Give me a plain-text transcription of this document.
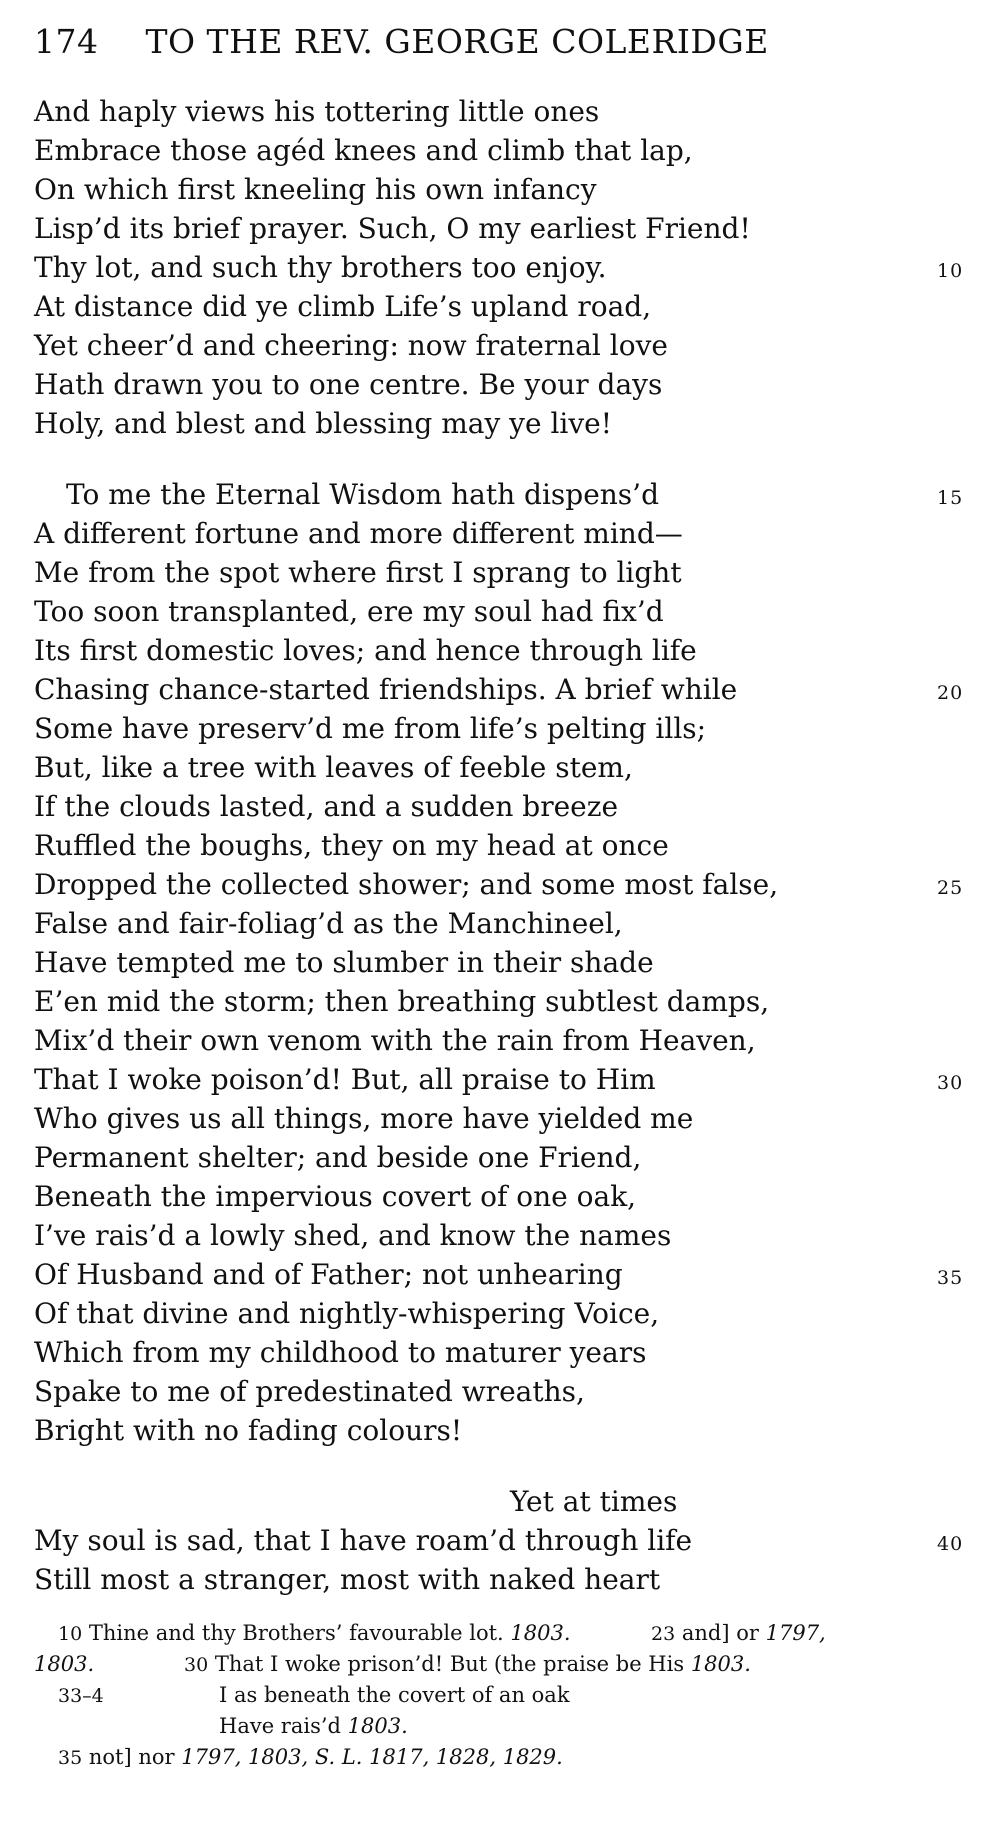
174 TO THE REV. GEORGE COLERIDGE
And haply views his tottering little ones
Embrace those agéd knees and climb that lap,
On which first kneeling his own infancy
Lisp’d its brief prayer. Such, O my earliest Friend!
Thy lot, and such thy brothers too enjoy.	10
At distance did ye climb Life’s upland road,
Yet cheer’d and cheering: now fraternal love
Hath drawn you to one centre. Be your days
Holy, and blest and blessing may ye live!
To me the Eternal Wisdom hath dispens’d	15
A different fortune and more different mind—
Me from the spot where first I sprang to light
Too soon transplanted, ere my soul had fix’d
Its first domestic loves; and hence through life
Chasing chance-started friendships. A brief while	20
Some have preserv’d me from life’s pelting ills;
But, like a tree with leaves of feeble stem,
If the clouds lasted, and a sudden breeze
Ruffled the boughs, they on my head at once
Dropped the collected shower; and some most false,	25
False and fair-foliag’d as the Manchineel,
Have tempted me to slumber in their shade
E’en mid the storm; then breathing subtlest damps,
Mix’d their own venom with the rain from Heaven,
That I woke poison’d! But, all praise to Him	30
Who gives us all things, more have yielded me
Permanent shelter; and beside one Friend,
Beneath the impervious covert of one oak,
I’ve rais’d a lowly shed, and know the names
Of Husband and of Father; not unhearing	35
Of that divine and nightly-whispering Voice,
Which from my childhood to maturer years
Spake to me of predestinated wreaths,
Bright with no fading colours!
Yet at times
My soul is sad, that I have roam’d through life	40
Still most a stranger, most with naked heart
10 Thine and thy Brothers’ favourable lot. 1803.	23 and] or 1797,
1803.	30 That I woke prison’d! But (the praise be His 1803.
33–4	I as beneath the covert of an oak
Have rais’d 1803.
35 not] nor 1797, 1803, S. L. 1817, 1828, 1829.
